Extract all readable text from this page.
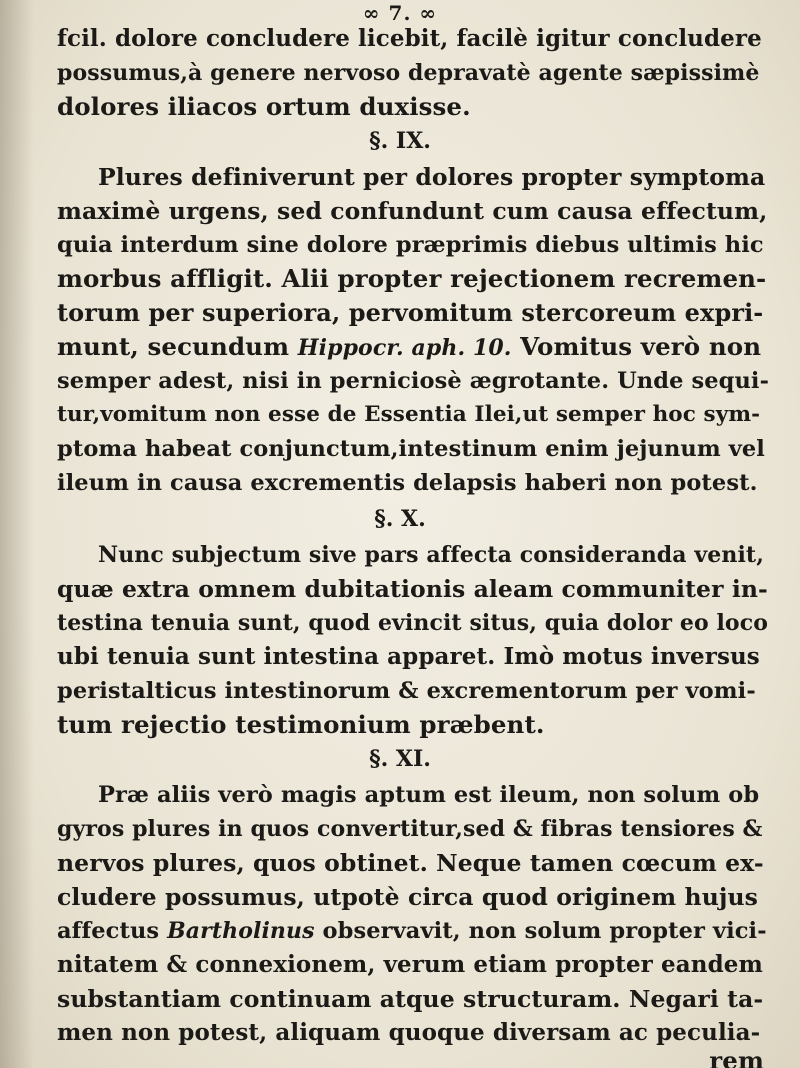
∞ 7. ∞
fcil. dolore concludere licebit, facilè igitur concludere
possumus,à genere nervoso depravatè agente sæpissimè
dolores iliacos ortum duxisse.
§. IX.
Plures definiverunt per dolores propter symptoma
maximè urgens, sed confundunt cum causa effectum,
quia interdum sine dolore præprimis diebus ultimis hic
morbus affligit. Alii propter rejectionem recremen-
torum per superiora, pervomitum stercoreum expri-
munt, secundum Hippocr. aph. 10. Vomitus verò non
semper adest, nisi in perniciosè ægrotante. Unde sequi-
tur,vomitum non esse de Essentia Ilei,ut semper hoc sym-
ptoma habeat conjunctum,intestinum enim jejunum vel
ileum in causa excrementis delapsis haberi non potest.
§. X.
Nunc subjectum sive pars affecta consideranda venit,
quæ extra omnem dubitationis aleam communiter in-
testina tenuia sunt, quod evincit situs, quia dolor eo loco
ubi tenuia sunt intestina apparet. Imò motus inversus
peristalticus intestinorum & excrementorum per vomi-
tum rejectio testimonium præbent.
§. XI.
Præ aliis verò magis aptum est ileum, non solum ob
gyros plures in quos convertitur,sed & fibras tensiores &
nervos plures, quos obtinet. Neque tamen cœcum ex-
cludere possumus, utpotè circa quod originem hujus
affectus Bartholinus observavit, non solum propter vici-
nitatem & connexionem, verum etiam propter eandem
substantiam continuam atque structuram. Negari ta-
men non potest, aliquam quoque diversam ac peculia-
rem
